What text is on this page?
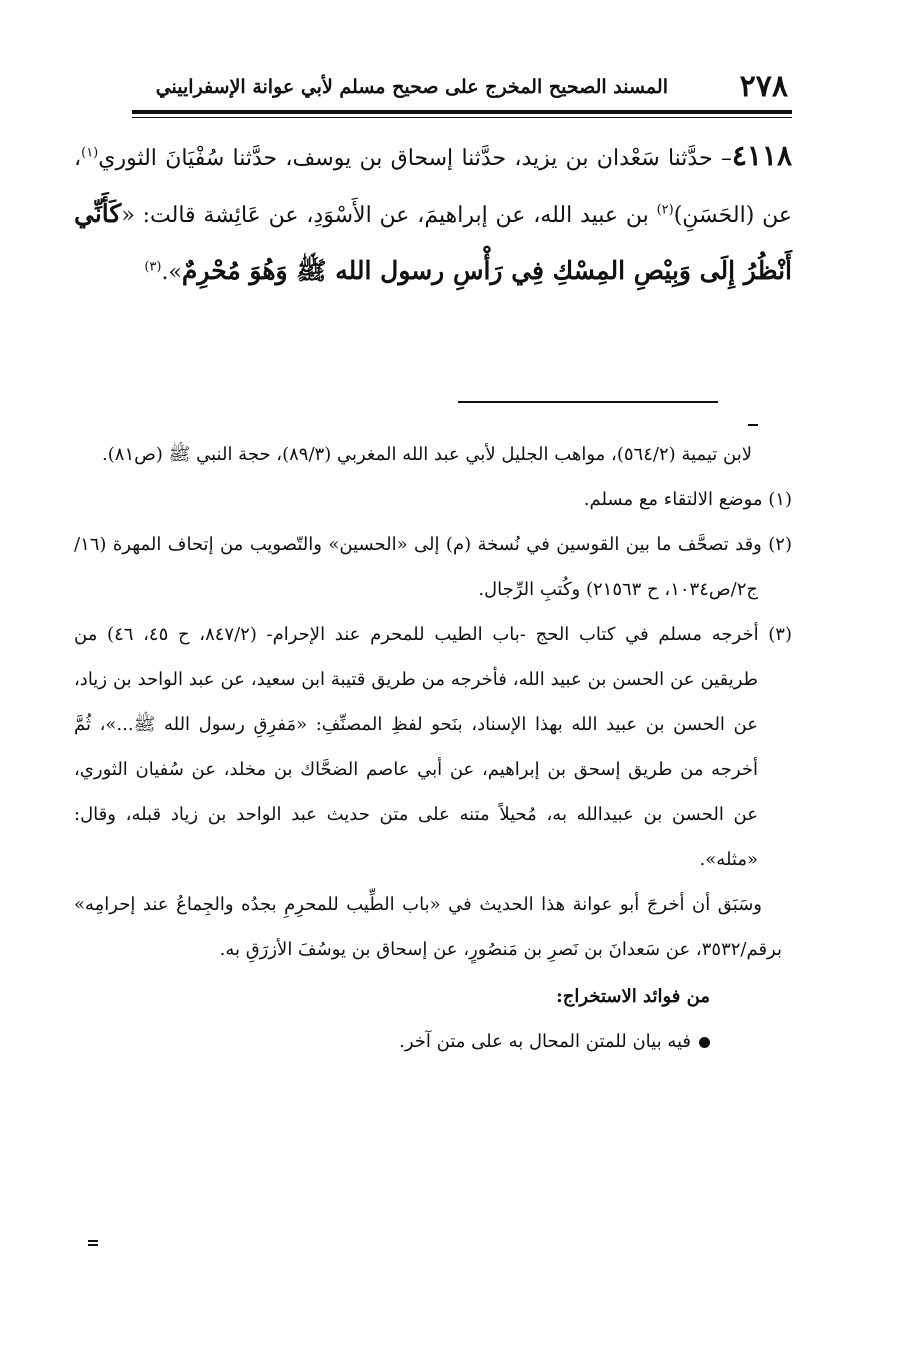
٢٧٨
المسند الصحيح المخرج على صحيح مسلم لأبي عوانة الإسفراييني
٤١١٨– حدَّثنا سَعْدان بن يزيد، حدَّثنا إسحاق بن يوسف، حدَّثنا سُفْيَانَ الثوري$^{(١)}$، عن (الحَسَنِ)$^{(٢)}$ بن عبيد الله، عن إبراهيمَ، عن الأَسْوَدِ، عن عَائِشة قالت: «كَأَنِّي أَنْظُرُ إِلَى وَبِيْصِ المِسْكِ فِي رَأْسِ رسول الله ﷺ وَهُوَ مُحْرِمٌ».$^{(٣)}$

لابن تيمية (٥٦٤/٢)، مواهب الجليل لأبي عبد الله المغربي (٨٩/٣)، حجة النبي ﷺ (ص٨١).

(١) موضع الالتقاء مع مسلم.

(٢) وقد تصحَّف ما بين القوسين في نُسخة (م) إلى «الحسين» والتّصويب من إتحاف المهرة (١٦/ج٢/ص١٠٣٤، ح ٢١٥٦٣) وكُتبِ الرِّجال.

(٣) أخرجه مسلم في كتاب الحج -باب الطيب للمحرم عند الإحرام- (٨٤٧/٢، ح ٤٥، ٤٦) من طريقين عن الحسن بن عبيد الله، فأخرجه من طريق قتيبة ابن سعيد، عن عبد الواحد بن زياد، عن الحسن بن عبيد الله بهذا الإسناد، بنَحو لفظِ المصنِّفِ: «مَفرِقِ رسول الله ﷺ...»، ثُمَّ أخرجه من طريق إسحق بن إبراهيم، عن أبي عاصم الضحَّاك بن مخلد، عن سُفيان الثوري، عن الحسن بن عبيدالله به، مُحيلاً متنه على متن حديث عبد الواحد بن زياد قبله، وقال: «مثله».

وسَبَق أن أخرجَ أبو عوانة هذا الحديث في «باب الطِّيب للمحرِمِ بجدُه والجِماعُ عند إحرامِه» برقم/٣٥٣٢، عن سَعدانَ بن نَصرِ بن مَنصُورٍ، عن إسحاق بن يوسُفَ الأزرَقِ به.

من فوائد الاستخراج:

فيه بيان للمتن المحال به على متن آخر.
